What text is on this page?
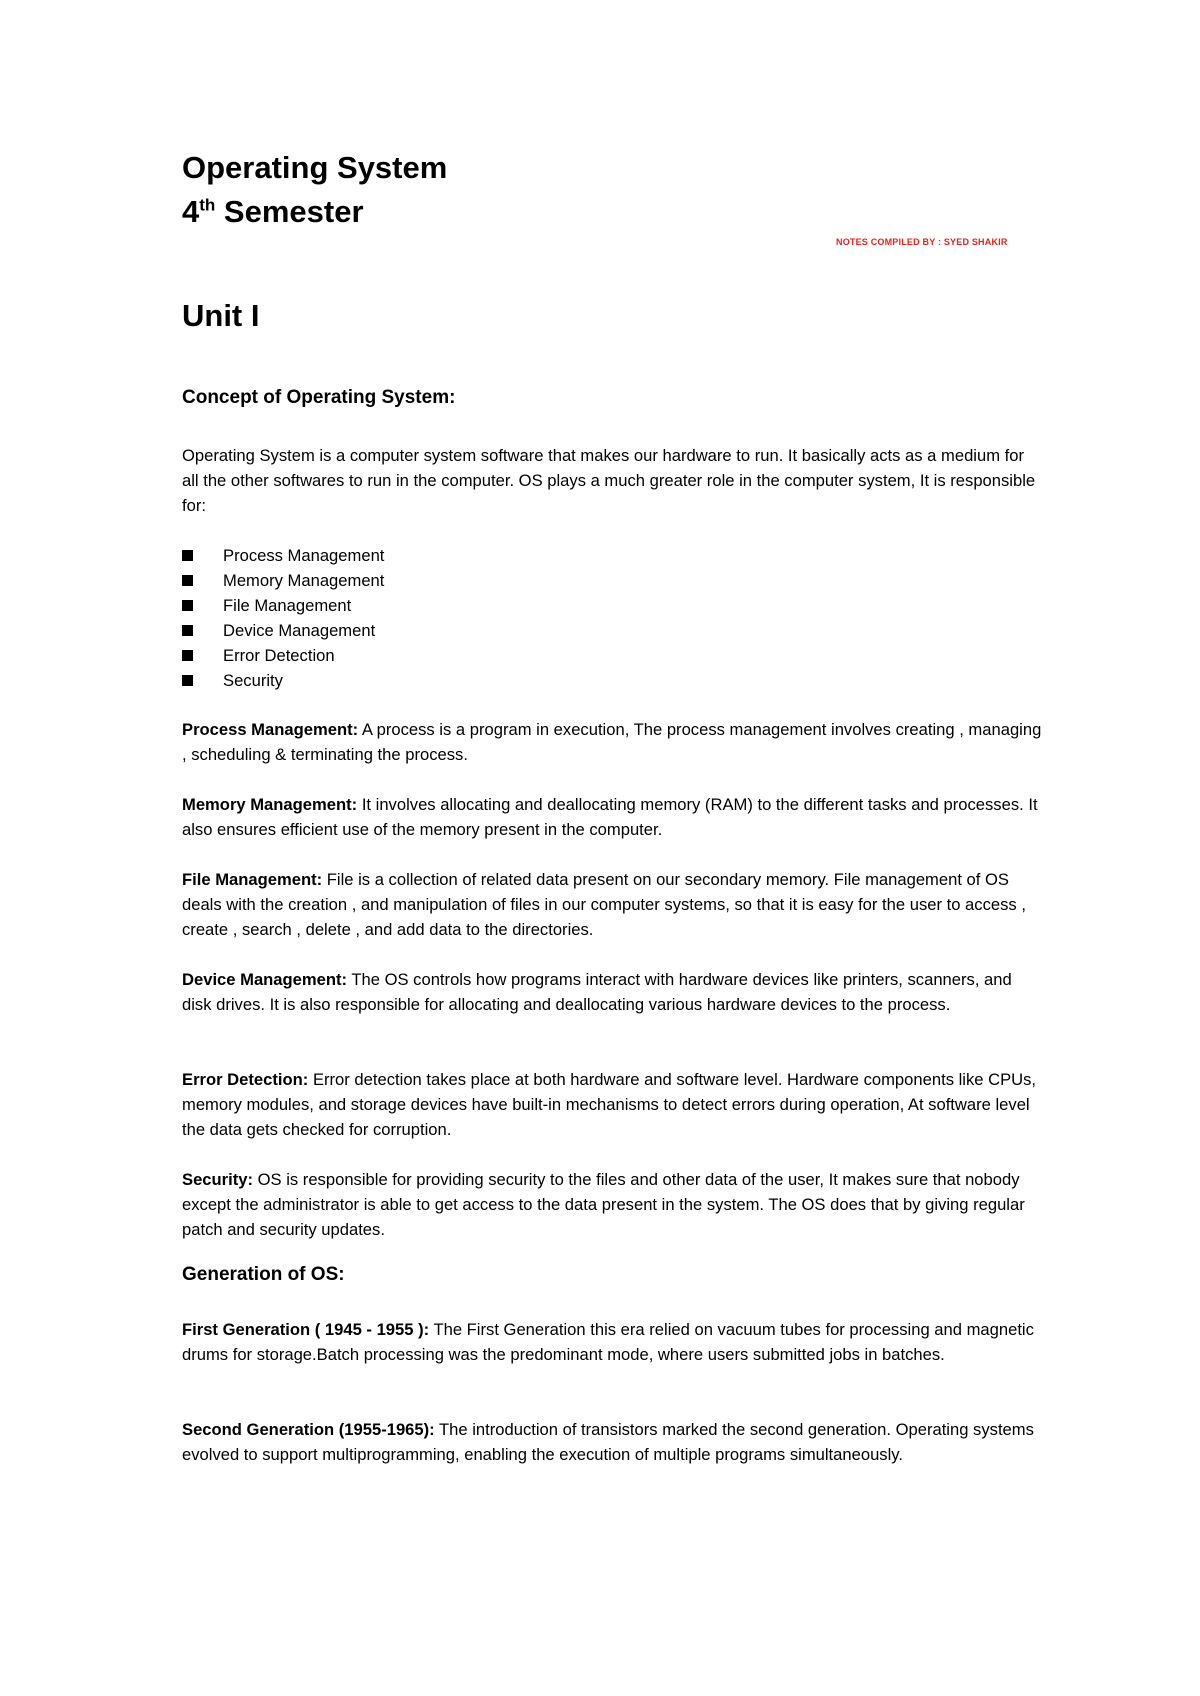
Operating System
4th Semester
NOTES COMPILED BY : SYED SHAKIR
Unit I
Concept of Operating System:

Operating System is a computer system software that makes our hardware to run. It basically acts as a medium for all the other softwares to run in the computer. OS plays a much greater role in the computer system, It is responsible for:

Process Management
Memory Management
File Management
Device Management
Error Detection
Security

Process Management: A process is a program in execution, The process management involves creating , managing , scheduling & terminating the process.

Memory Management: It involves allocating and deallocating memory (RAM) to the different tasks and processes. It also ensures efficient use of the memory present in the computer.

File Management: File is a collection of related data present on our secondary memory. File management of OS deals with the creation , and manipulation of files in our computer systems, so that it is easy for the user to access , create , search , delete , and add data to the directories.

Device Management: The OS controls how programs interact with hardware devices like printers, scanners, and disk drives. It is also responsible for allocating and deallocating various hardware devices to the process.

Error Detection: Error detection takes place at both hardware and software level. Hardware components like CPUs, memory modules, and storage devices have built-in mechanisms to detect errors during operation, At software level the data gets checked for corruption.

Security: OS is responsible for providing security to the files and other data of the user, It makes sure that nobody except the administrator is able to get access to the data present in the system. The OS does that by giving regular patch and security updates.

Generation of OS:

First Generation ( 1945 - 1955 ): The First Generation this era relied on vacuum tubes for processing and magnetic drums for storage.Batch processing was the predominant mode, where users submitted jobs in batches.

Second Generation (1955-1965): The introduction of transistors marked the second generation. Operating systems evolved to support multiprogramming, enabling the execution of multiple programs simultaneously.
